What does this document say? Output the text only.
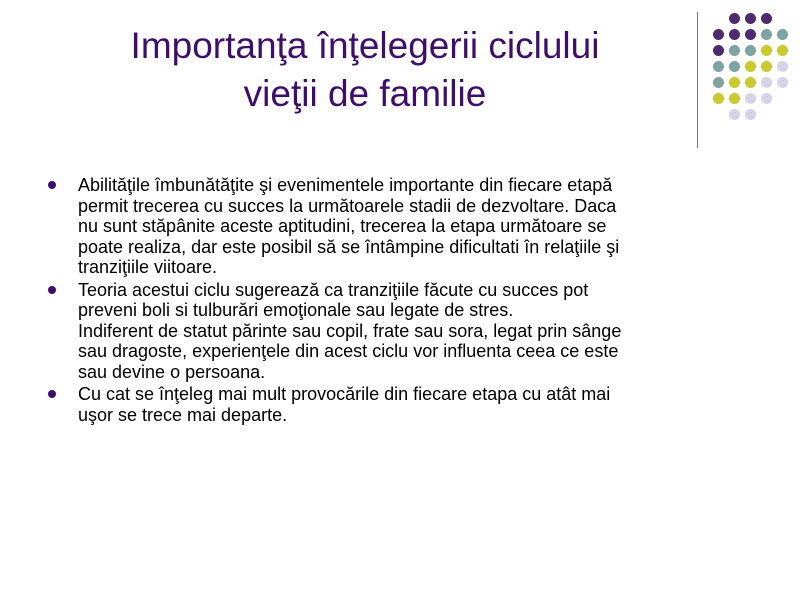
Importanţa înţelegerii ciclului
vieţii de familie
Abilităţile îmbunătăţite şi evenimentele importante din fiecare etapă
permit trecerea cu succes la următoarele stadii de dezvoltare. Daca
nu sunt stăpânite aceste aptitudini, trecerea la etapa următoare se
poate realiza, dar este posibil să se întâmpine dificultati în relaţiile şi
tranziţiile viitoare.
Teoria acestui ciclu sugerează ca tranziţiile făcute cu succes pot
preveni boli si tulburări emoţionale sau legate de stres.
Indiferent de statut părinte sau copil, frate sau sora, legat prin sânge
sau dragoste, experienţele din acest ciclu vor influenta ceea ce este
sau devine o persoana.
Cu cat se înţeleg mai mult provocările din fiecare etapa cu atât mai
uşor se trece mai departe.
